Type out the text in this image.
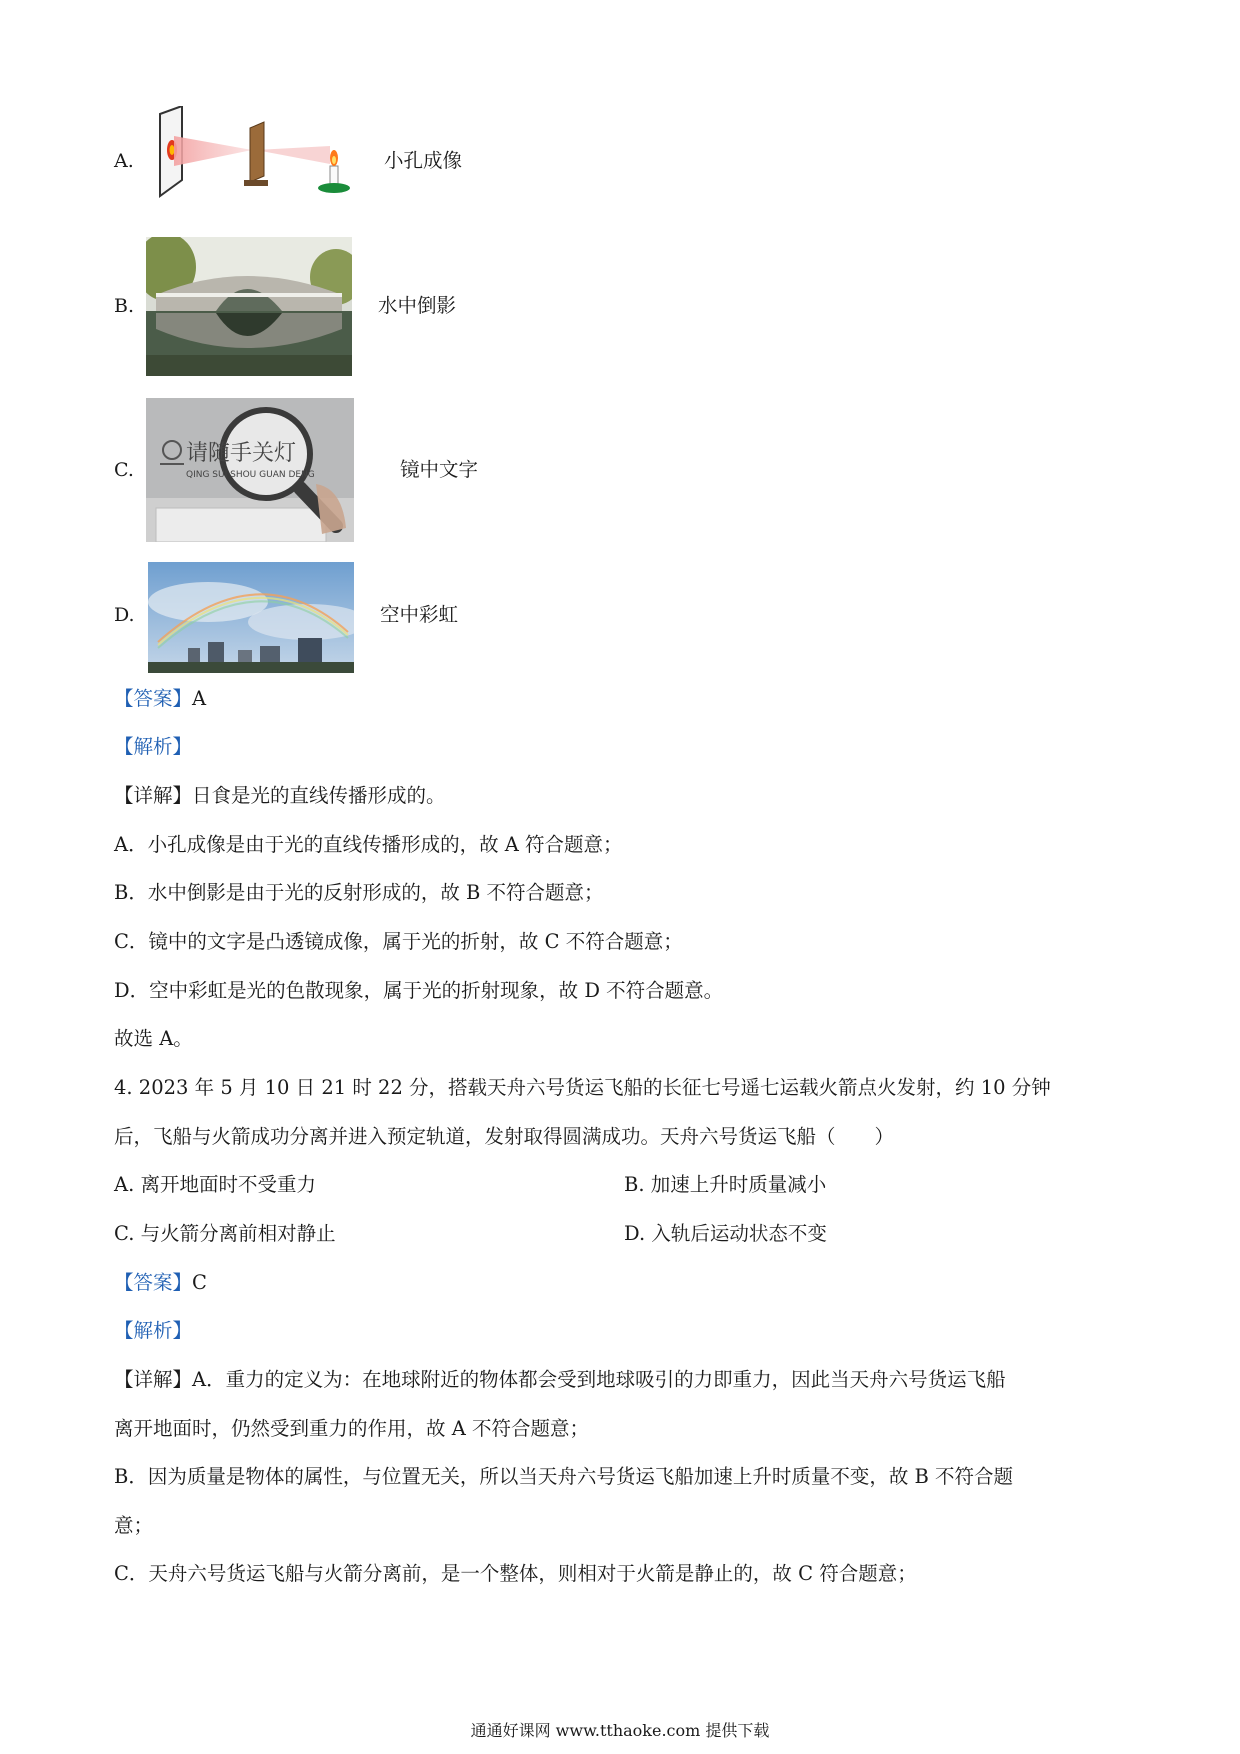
A.	小孔成像
B.	水中倒影
C.
请随手关灯
QING SUI SHOU GUAN DENG	镜中文字
D.	空中彩虹
【答案】A
【解析】
【详解】日食是光的直线传播形成的。
A．小孔成像是由于光的直线传播形成的，故 A 符合题意；
B．水中倒影是由于光的反射形成的，故 B 不符合题意；
C．镜中的文字是凸透镜成像，属于光的折射，故 C 不符合题意；
D．空中彩虹是光的色散现象，属于光的折射现象，故 D 不符合题意。
故选 A。
4. 2023 年 5 月 10 日 21 时 22 分，搭载天舟六号货运飞船的长征七号遥七运载火箭点火发射，约 10 分钟
后，飞船与火箭成功分离并进入预定轨道，发射取得圆满成功。天舟六号货运飞船（　　）
A. 离开地面时不受重力	B. 加速上升时质量减小
C. 与火箭分离前相对静止	D. 入轨后运动状态不变
【答案】C
【解析】
【详解】A．重力的定义为：在地球附近的物体都会受到地球吸引的力即重力，因此当天舟六号货运飞船
离开地面时，仍然受到重力的作用，故 A 不符合题意；
B．因为质量是物体的属性，与位置无关，所以当天舟六号货运飞船加速上升时质量不变，故 B 不符合题
意；
C．天舟六号货运飞船与火箭分离前，是一个整体，则相对于火箭是静止的，故 C 符合题意；
通通好课网 www.tthaoke.com 提供下载
